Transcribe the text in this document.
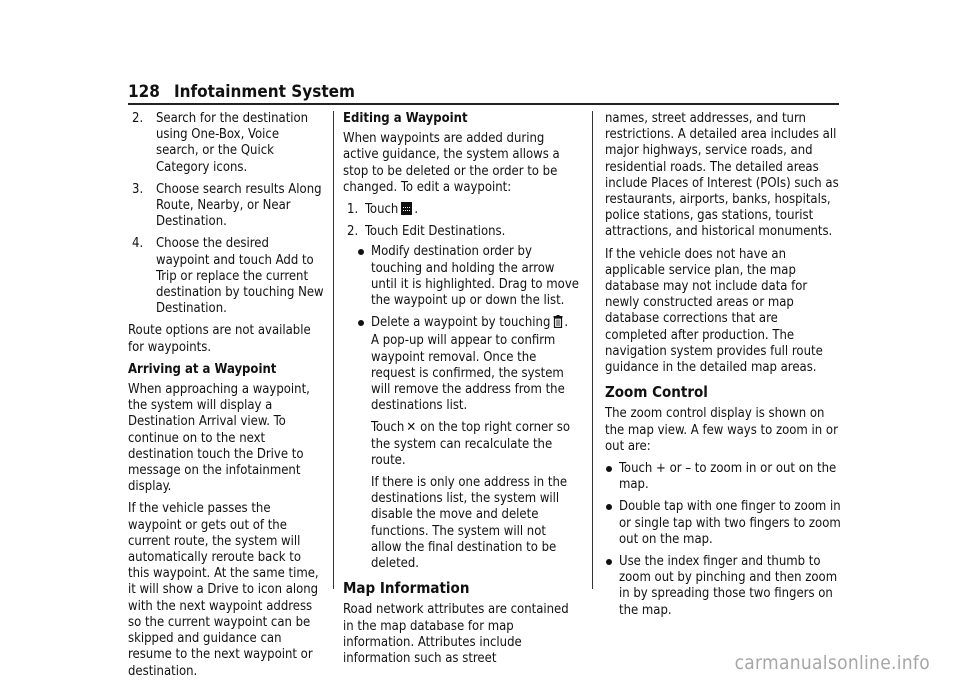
128 Infotainment System
2. Search for the destination using One-Box, Voice search, or the Quick Category icons.
3. Choose search results Along Route, Nearby, or Near Destination.
4. Choose the desired waypoint and touch Add to Trip or replace the current destination by touching New Destination.

Route options are not available for waypoints.

Arriving at a Waypoint

When approaching a waypoint, the system will display a Destination Arrival view. To continue on to the next destination touch the Drive to message on the infotainment display.

If the vehicle passes the waypoint or gets out of the current route, the system will automatically reroute back to this waypoint. At the same time, it will show a Drive to icon along with the next waypoint address so the current waypoint can be skipped and guidance can resume to the next waypoint or destination.

Editing a Waypoint

When waypoints are added during active guidance, the system allows a stop to be deleted or the order to be changed. To edit a waypoint:

1. Touch .
2. Touch Edit Destinations.
Modify destination order by touching and holding the arrow until it is highlighted. Drag to move the waypoint up or down the list.
Delete a waypoint by touching .

A pop-up will appear to confirm waypoint removal. Once the request is confirmed, the system will remove the address from the destinations list.

Touch ✕ on the top right corner so the system can recalculate the route.

If there is only one address in the destinations list, the system will disable the move and delete functions. The system will not allow the final destination to be deleted.

Map Information

Road network attributes are contained in the map database for map information. Attributes include information such as street

names, street addresses, and turn restrictions. A detailed area includes all major highways, service roads, and residential roads. The detailed areas include Places of Interest (POIs) such as restaurants, airports, banks, hospitals, police stations, gas stations, tourist attractions, and historical monuments.

If the vehicle does not have an applicable service plan, the map database may not include data for newly constructed areas or map database corrections that are completed after production. The navigation system provides full route guidance in the detailed map areas.

Zoom Control

The zoom control display is shown on the map view. A few ways to zoom in or out are:

Touch + or – to zoom in or out on the map.
Double tap with one finger to zoom in or single tap with two fingers to zoom out on the map.
Use the index finger and thumb to zoom out by pinching and then zoom in by spreading those two fingers on the map.
carmanualsonline.info
